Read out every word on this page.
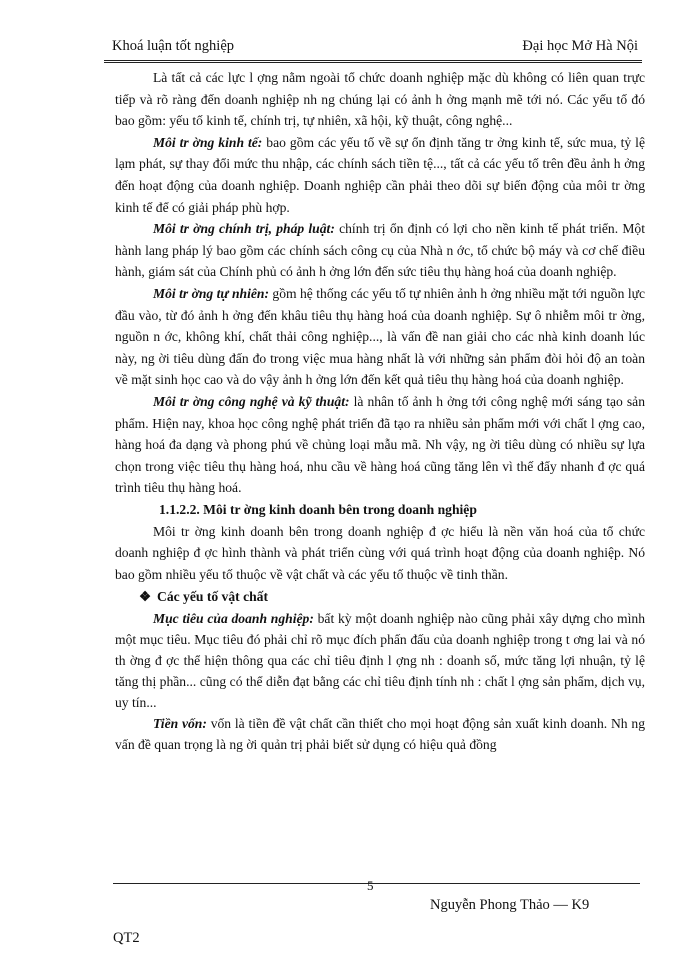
Khoá luận tốt nghiệp	Đại học Mở Hà Nội

Là tất cả các lực l ợng nằm ngoài tổ chức doanh nghiệp mặc dù không có liên quan trực tiếp và rõ ràng đến doanh nghiệp nh ng chúng lại có ảnh h ởng mạnh mẽ tới nó. Các yếu tố đó bao gồm: yếu tố kinh tế, chính trị, tự nhiên, xã hội, kỹ thuật, công nghệ...

Môi tr ờng kinh tế: bao gồm các yếu tố về sự ổn định tăng tr ởng kinh tế, sức mua, tỷ lệ lạm phát, sự thay đổi mức thu nhập, các chính sách tiền tệ..., tất cả các yếu tố trên đều ảnh h ởng đến hoạt động của doanh nghiệp. Doanh nghiệp cần phải theo dõi sự biến động của môi tr ờng kinh tế để có giải pháp phù hợp.

Môi tr ờng chính trị, pháp luật: chính trị ổn định có lợi cho nền kinh tế phát triển. Một hành lang pháp lý bao gồm các chính sách công cụ của Nhà n ớc, tổ chức bộ máy và cơ chế điều hành, giám sát của Chính phủ có ảnh h ởng lớn đến sức tiêu thụ hàng hoá của doanh nghiệp.

Môi tr ờng tự nhiên: gồm hệ thống các yếu tố tự nhiên ảnh h ởng nhiều mặt tới nguồn lực đầu vào, từ đó ảnh h ởng đến khâu tiêu thụ hàng hoá của doanh nghiệp. Sự ô nhiễm môi tr ờng, nguồn n ớc, không khí, chất thải công nghiệp..., là vấn đề nan giải cho các nhà kinh doanh lúc này, ng ời tiêu dùng đấn đo trong việc mua hàng nhất là với những sản phẩm đòi hỏi độ an toàn về mặt sinh học cao và do vậy ảnh h ởng lớn đến kết quả tiêu thụ hàng hoá của doanh nghiệp.

Môi tr ờng công nghệ và kỹ thuật: là nhân tố ảnh h ởng tới công nghệ mới sáng tạo sản phẩm. Hiện nay, khoa học công nghệ phát triển đã tạo ra nhiều sản phẩm mới với chất l ợng cao, hàng hoá đa dạng và phong phú về chủng loại mẫu mã. Nh vậy, ng ời tiêu dùng có nhiều sự lựa chọn trong việc tiêu thụ hàng hoá, nhu cầu về hàng hoá cũng tăng lên vì thế đẩy nhanh đ ợc quá trình tiêu thụ hàng hoá.

1.1.2.2. Môi tr ờng kinh doanh bên trong doanh nghiệp

Môi tr ờng kinh doanh bên trong doanh nghiệp đ ợc hiểu là nền văn hoá của tổ chức doanh nghiệp đ ợc hình thành và phát triển cùng với quá trình hoạt động của doanh nghiệp. Nó bao gồm nhiều yếu tố thuộc về vật chất và các yếu tố thuộc về tinh thần.

❖ Các yếu tố vật chất

Mục tiêu của doanh nghiệp: bất kỳ một doanh nghiệp nào cũng phải xây dựng cho mình một mục tiêu. Mục tiêu đó phải chỉ rõ mục đích phấn đấu của doanh nghiệp trong t ơng lai và nó th ờng đ ợc thể hiện thông qua các chỉ tiêu định l ợng nh : doanh số, mức tăng lợi nhuận, tỷ lệ tăng thị phần... cũng có thể diễn đạt bằng các chỉ tiêu định tính nh : chất l ợng sản phẩm, dịch vụ, uy tín...

Tiền vốn: vốn là tiền đề vật chất cần thiết cho mọi hoạt động sản xuất kinh doanh. Nh ng vấn đề quan trọng là ng ời quản trị phải biết sử dụng có hiệu quả đồng

5
Nguyễn Phong Thảo — K9
QT2
